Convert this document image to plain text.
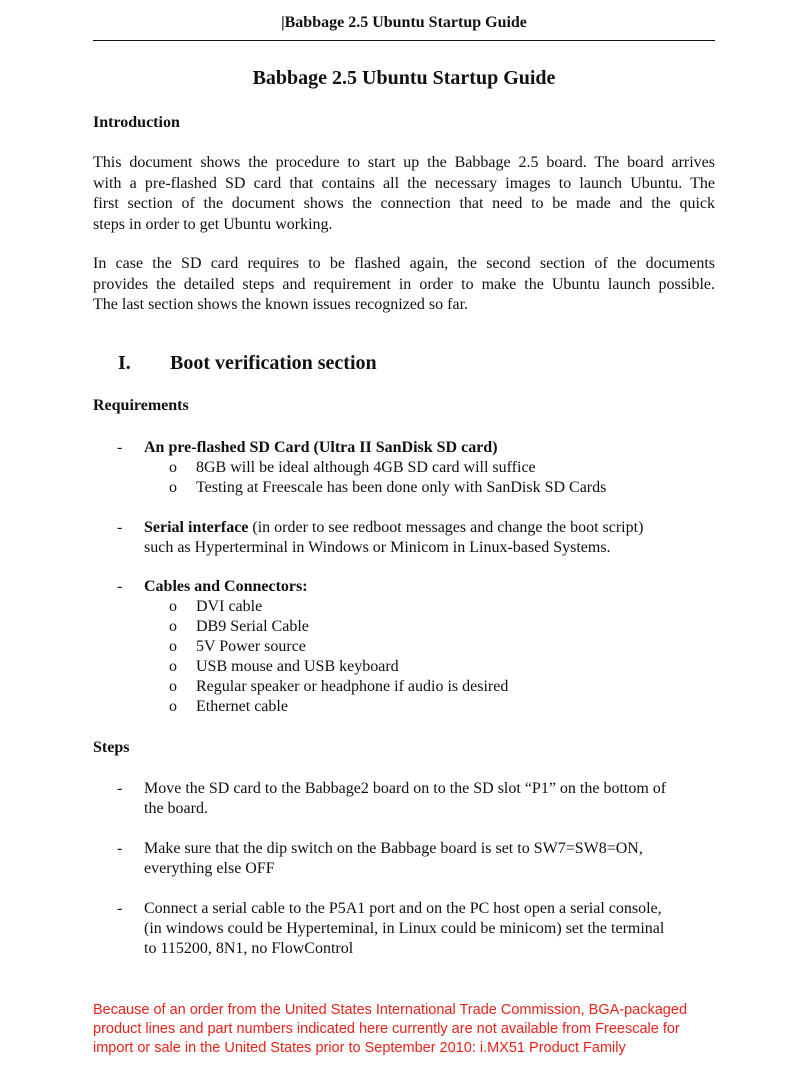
|Babbage 2.5 Ubuntu Startup Guide
Babbage 2.5 Ubuntu Startup Guide
Introduction
This document shows the procedure to start up the Babbage 2.5 board. The board arrives
with a pre-flashed SD card that contains all the necessary images to launch Ubuntu. The
first section of the document shows the connection that need to be made and the quick
steps in order to get Ubuntu working.
In case the SD card requires to be flashed again, the second section of the documents
provides the detailed steps and requirement in order to make the Ubuntu launch possible.
The last section shows the known issues recognized so far.
I. Boot verification section
Requirements
- An pre-flashed SD Card (Ultra II SanDisk SD card)
o 8GB will be ideal although 4GB SD card will suffice
o Testing at Freescale has been done only with SanDisk SD Cards
- Serial interface (in order to see redboot messages and change the boot script)
such as Hyperterminal in Windows or Minicom in Linux-based Systems.
- Cables and Connectors:
o DVI cable
o DB9 Serial Cable
o 5V Power source
o USB mouse and USB keyboard
o Regular speaker or headphone if audio is desired
o Ethernet cable
Steps
- Move the SD card to the Babbage2 board on to the SD slot “P1” on the bottom of
the board.
- Make sure that the dip switch on the Babbage board is set to SW7=SW8=ON,
everything else OFF
- Connect a serial cable to the P5A1 port and on the PC host open a serial console,
(in windows could be Hyperteminal, in Linux could be minicom) set the terminal
to 115200, 8N1, no FlowControl
Because of an order from the United States International Trade Commission, BGA-packaged
product lines and part numbers indicated here currently are not available from Freescale for
import or sale in the United States prior to September 2010: i.MX51 Product Family
